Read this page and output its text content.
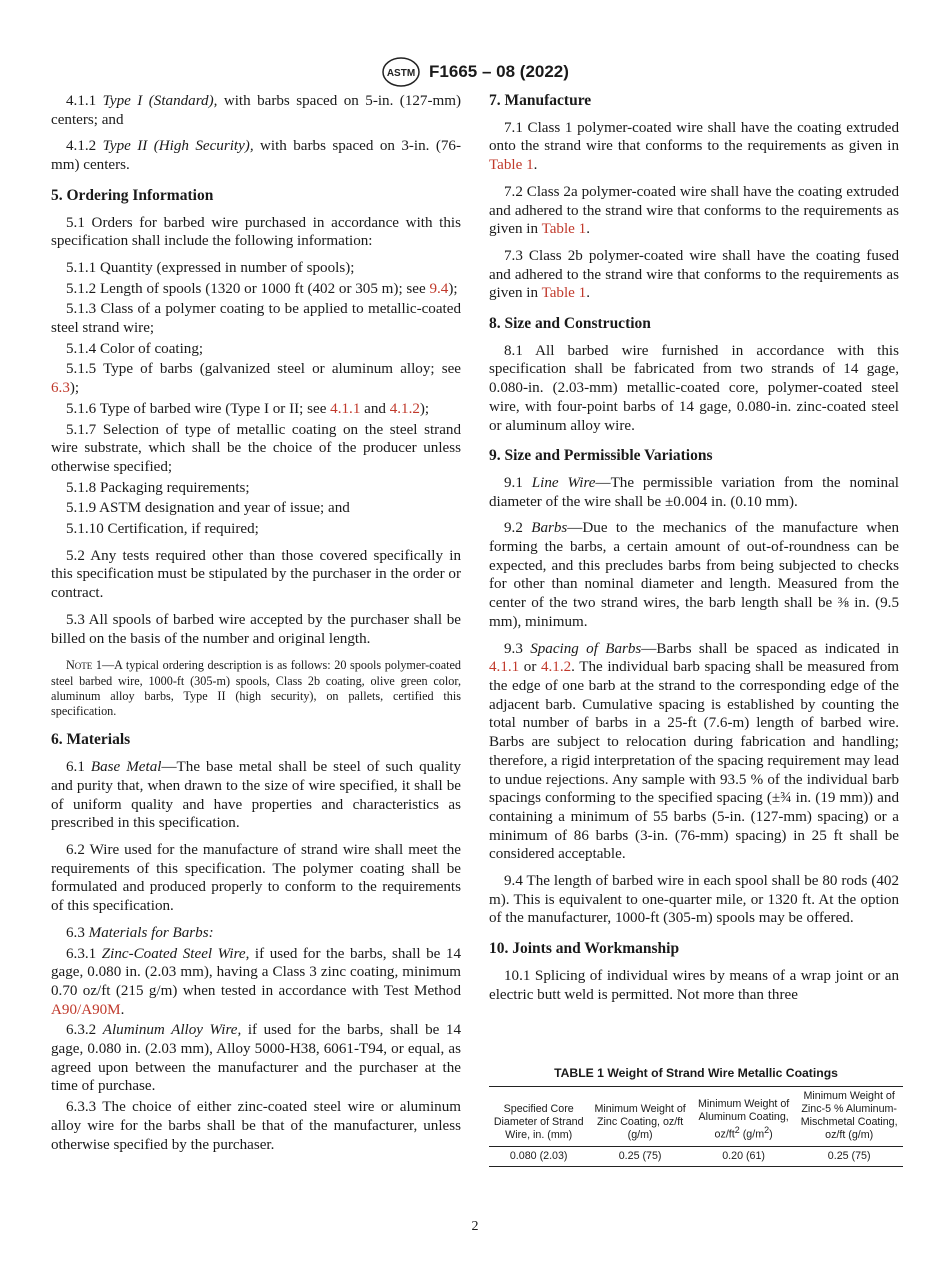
ASTM F1665 – 08 (2022)

4.1.1 Type I (Standard), with barbs spaced on 5-in. (127-mm) centers; and

4.1.2 Type II (High Security), with barbs spaced on 3-in. (76-mm) centers.

5. Ordering Information

5.1 Orders for barbed wire purchased in accordance with this specification shall include the following information:

5.1.1 Quantity (expressed in number of spools);

5.1.2 Length of spools (1320 or 1000 ft (402 or 305 m); see 9.4);

5.1.3 Class of a polymer coating to be applied to metallic-coated steel strand wire;

5.1.4 Color of coating;

5.1.5 Type of barbs (galvanized steel or aluminum alloy; see 6.3);

5.1.6 Type of barbed wire (Type I or II; see 4.1.1 and 4.1.2);

5.1.7 Selection of type of metallic coating on the steel strand wire substrate, which shall be the choice of the producer unless otherwise specified;

5.1.8 Packaging requirements;

5.1.9 ASTM designation and year of issue; and

5.1.10 Certification, if required;

5.2 Any tests required other than those covered specifically in this specification must be stipulated by the purchaser in the order or contract.

5.3 All spools of barbed wire accepted by the purchaser shall be billed on the basis of the number and original length.

Note 1—A typical ordering description is as follows: 20 spools polymer-coated steel barbed wire, 1000-ft (305-m) spools, Class 2b coating, olive green color, aluminum alloy barbs, Type II (high security), on pallets, certified this specification.
6. Materials

6.1 Base Metal—The base metal shall be steel of such quality and purity that, when drawn to the size of wire specified, it shall be of uniform quality and have properties and characteristics as prescribed in this specification.

6.2 Wire used for the manufacture of strand wire shall meet the requirements of this specification. The polymer coating shall be formulated and produced properly to conform to the requirements of this specification.

6.3 Materials for Barbs:

6.3.1 Zinc-Coated Steel Wire, if used for the barbs, shall be 14 gage, 0.080 in. (2.03 mm), having a Class 3 zinc coating, minimum 0.70 oz/ft (215 g/m) when tested in accordance with Test Method A90/A90M.

6.3.2 Aluminum Alloy Wire, if used for the barbs, shall be 14 gage, 0.080 in. (2.03 mm), Alloy 5000-H38, 6061-T94, or equal, as agreed upon between the manufacturer and the purchaser at the time of purchase.

6.3.3 The choice of either zinc-coated steel wire or aluminum alloy wire for the barbs shall be that of the manufacturer, unless otherwise specified by the purchaser.

7. Manufacture

7.1 Class 1 polymer-coated wire shall have the coating extruded onto the strand wire that conforms to the requirements as given in Table 1.

7.2 Class 2a polymer-coated wire shall have the coating extruded and adhered to the strand wire that conforms to the requirements as given in Table 1.

7.3 Class 2b polymer-coated wire shall have the coating fused and adhered to the strand wire that conforms to the requirements as given in Table 1.

8. Size and Construction

8.1 All barbed wire furnished in accordance with this specification shall be fabricated from two strands of 14 gage, 0.080-in. (2.03-mm) metallic-coated core, polymer-coated steel wire, with four-point barbs of 14 gage, 0.080-in. zinc-coated steel or aluminum alloy wire.

9. Size and Permissible Variations

9.1 Line Wire—The permissible variation from the nominal diameter of the wire shall be ±0.004 in. (0.10 mm).

9.2 Barbs—Due to the mechanics of the manufacture when forming the barbs, a certain amount of out-of-roundness can be expected, and this precludes barbs from being subjected to checks for other than nominal diameter and length. Measured from the center of the two strand wires, the barb length shall be ⅜ in. (9.5 mm), minimum.

9.3 Spacing of Barbs—Barbs shall be spaced as indicated in 4.1.1 or 4.1.2. The individual barb spacing shall be measured from the edge of one barb at the strand to the corresponding edge of the adjacent barb. Cumulative spacing is established by counting the total number of barbs in a 25-ft (7.6-m) length of barbed wire. Barbs are subject to relocation during fabrication and handling; therefore, a rigid interpretation of the spacing requirement may lead to undue rejections. Any sample with 93.5 % of the individual barb spacings conforming to the specified spacing (±¾ in. (19 mm)) and containing a minimum of 55 barbs (5-in. (127-mm) spacing) or a minimum of 86 barbs (3-in. (76-mm) spacing) in 25 ft shall be considered acceptable.

9.4 The length of barbed wire in each spool shall be 80 rods (402 m). This is equivalent to one-quarter mile, or 1320 ft. At the option of the manufacturer, 1000-ft (305-m) spools may be offered.

10. Joints and Workmanship

10.1 Splicing of individual wires by means of a wrap joint or an electric butt weld is permitted. Not more than three

TABLE 1 Weight of Strand Wire Metallic Coatings
Specified Core Diameter of Strand Wire, in. (mm)	Minimum Weight of Zinc Coating, oz/ft (g/m)	Minimum Weight of Aluminum Coating, $oz/ft^2$ $(g/m^2)$	Minimum Weight of Zinc-5 % Aluminum-Mischmetal Coating, oz/ft (g/m)
0.080 (2.03)	0.25 (75)	0.20 (61)	0.25 (75)
2
